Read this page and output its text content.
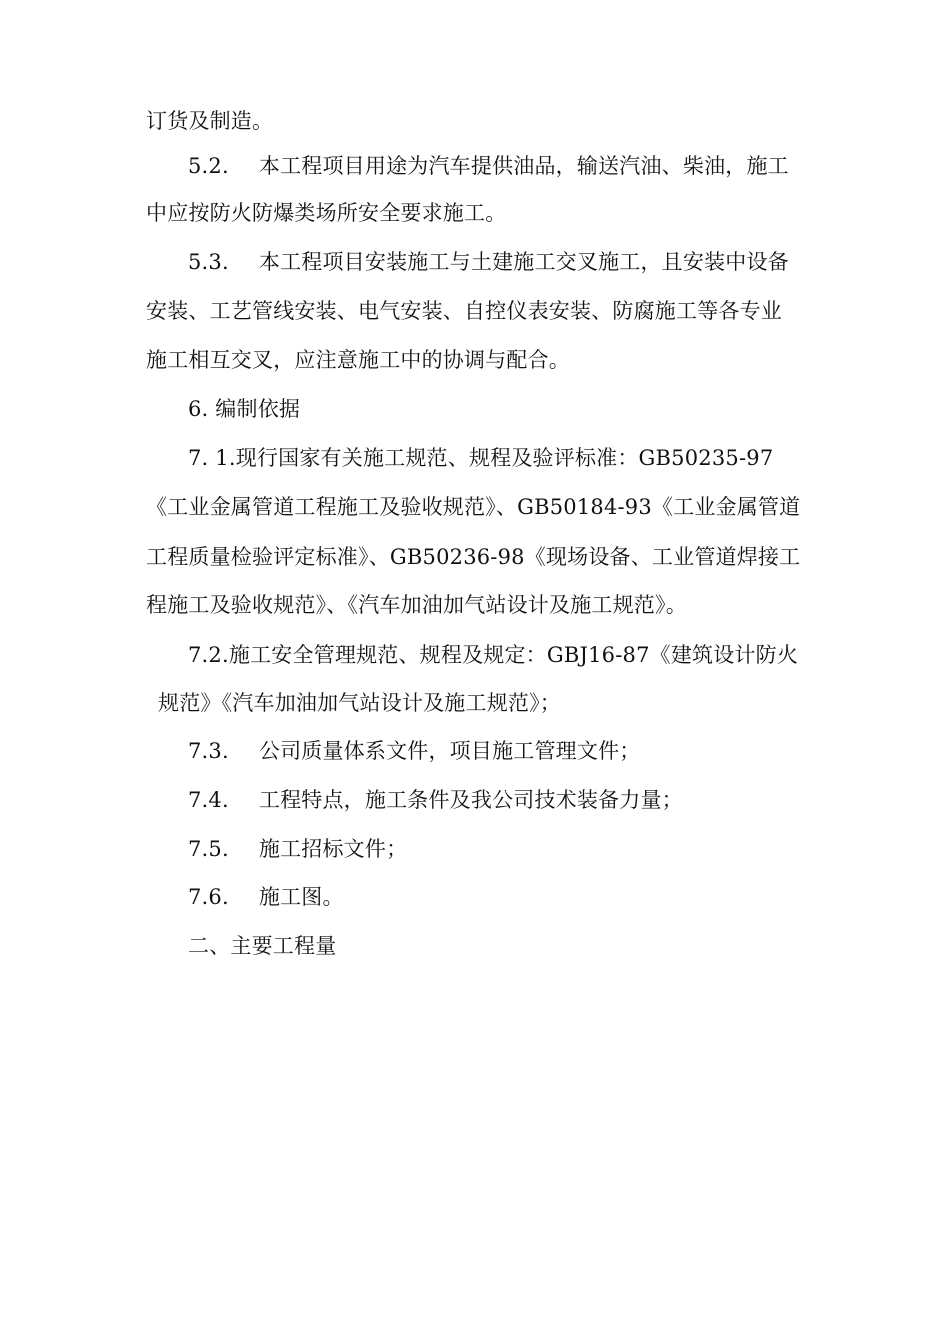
订货及制造。
5.2. 本工程项目用途为汽车提供油品，输送汽油、柴油，施工
中应按防火防爆类场所安全要求施工。
5.3. 本工程项目安装施工与土建施工交叉施工，且安装中设备
安装、工艺管线安装、电气安装、自控仪表安装、防腐施工等各专业
施工相互交叉，应注意施工中的协调与配合。
6. 编制依据
7. 1.现行国家有关施工规范、规程及验评标准：GB50235-97
《工业金属管道工程施工及验收规范》、GB50184-93《工业金属管道
工程质量检验评定标准》、GB50236-98《现场设备、工业管道焊接工
程施工及验收规范》、《汽车加油加气站设计及施工规范》。
7.2.施工安全管理规范、规程及规定：GBJ16-87《建筑设计防火
规范》《汽车加油加气站设计及施工规范》；
7.3. 公司质量体系文件，项目施工管理文件；
7.4. 工程特点，施工条件及我公司技术装备力量；
7.5. 施工招标文件；
7.6. 施工图。
二、主要工程量
